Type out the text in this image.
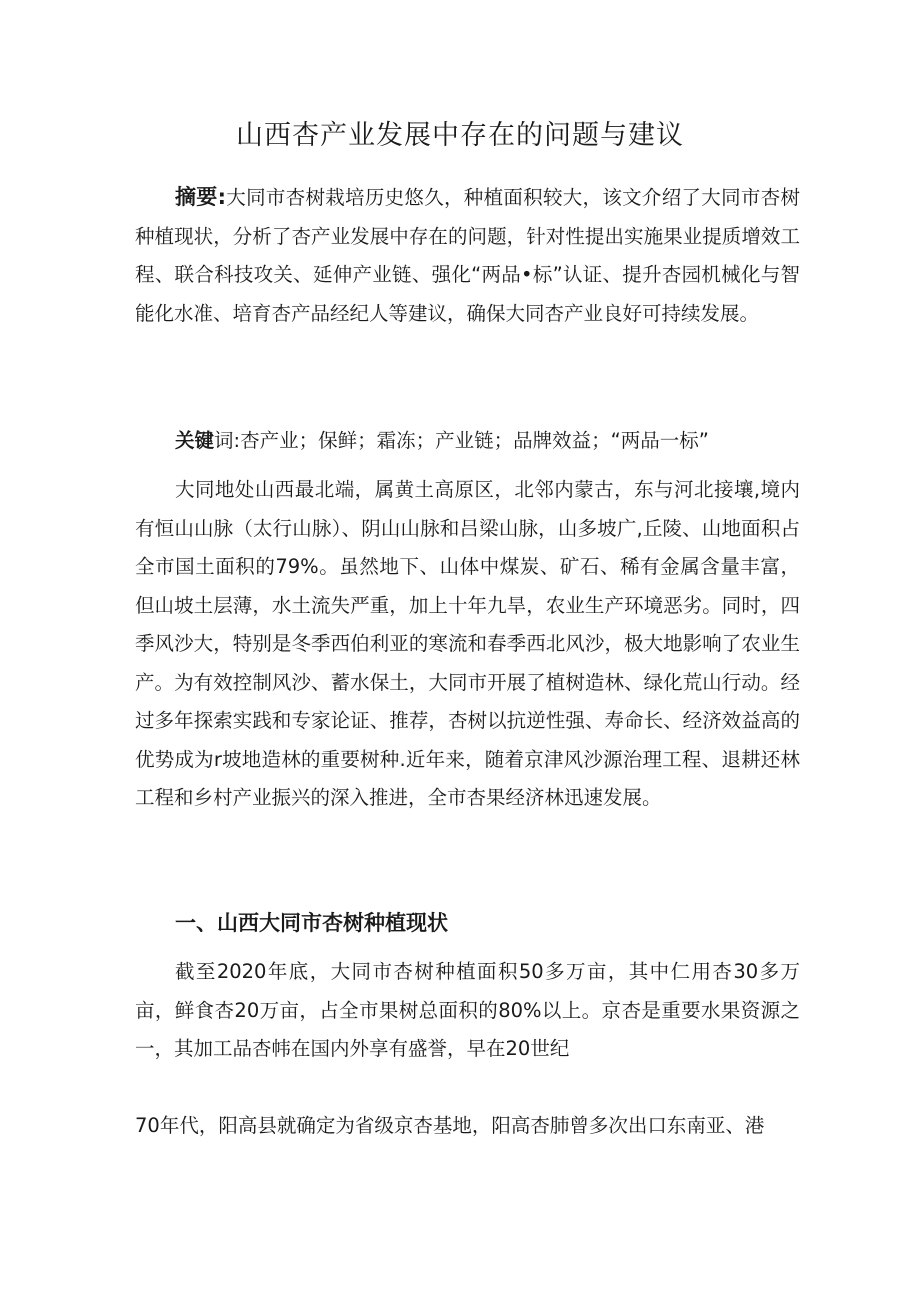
山西杏产业发展中存在的问题与建议

摘要:大同市杏树栽培历史悠久，种植面积较大，该文介绍了大同市杏树种植现状，分析了杏产业发展中存在的问题，针对性提出实施果业提质增效工程、联合科技攻关、延伸产业链、强化“两品•标”认证、提升杏园机械化与智能化水准、培育杏产品经纪人等建议，确保大同杏产业良好可持续发展。

关键词:杏产业；保鲜；霜冻；产业链；品牌效益；“两品一标”

大同地处山西最北端，属黄土高原区，北邻内蒙古，东与河北接壤,境内有恒山山脉（太行山脉）、阴山山脉和吕梁山脉，山多坡广,丘陵、山地面积占全市国土面积的79%。虽然地下、山体中煤炭、矿石、稀有金属含量丰富，但山坡土层薄，水土流失严重，加上十年九旱，农业生产环境恶劣。同时，四季风沙大，特别是冬季西伯利亚的寒流和春季西北风沙，极大地影响了农业生产。为有效控制风沙、蓄水保土，大同市开展了植树造林、绿化荒山行动。经过多年探索实践和专家论证、推荐，杏树以抗逆性强、寿命长、经济效益高的优势成为r坡地造林的重要树种.近年来，随着京津风沙源治理工程、退耕还林工程和乡村产业振兴的深入推进，全市杏果经济林迅速发展。

一、山西大同市杏树种植现状

截至2020年底，大同市杏树种植面积50多万亩，其中仁用杏30多万亩，鲜食杏20万亩，占全市果树总面积的80%以上。京杏是重要水果资源之一，其加工品杏帏在国内外享有盛誉，早在20世纪

70年代，阳高县就确定为省级京杏基地，阳高杏肺曾多次出口东南亚、港
